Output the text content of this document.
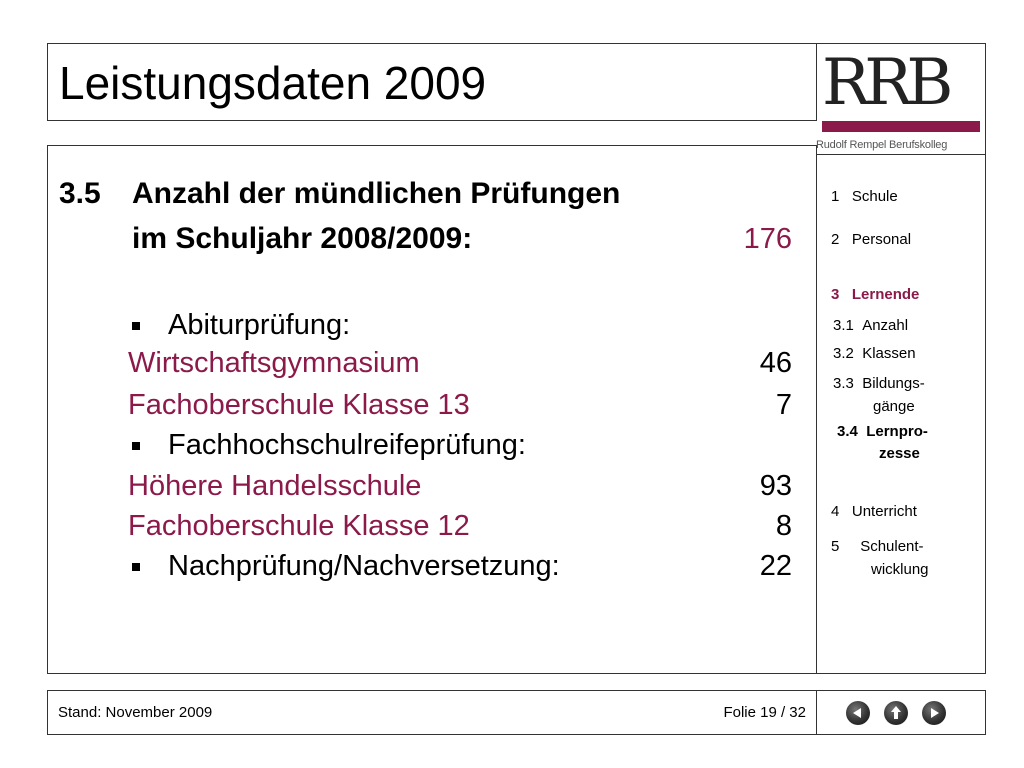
Leistungsdaten 2009	RRB
Rudolf Rempel Berufskolleg
3.5 Anzahl der mündlichen Prüfungen
im Schuljahr 2008/2009:	176
Abiturprüfung:
Wirtschaftsgymnasium	46
Fachoberschule Klasse 13	7
Fachhochschulreifeprüfung:
Höhere Handelsschule	93
Fachoberschule Klasse 12	8
Nachprüfung/Nachversetzung:	22
1 Schule
2 Personal
3 Lernende
3.1 Anzahl
3.2 Klassen
3.3 Bildungs-
gänge
3.4 Lernpro-
zesse
4 Unterricht
5 Schulent-
wicklung
Stand: November 2009	Folie 19 / 32
